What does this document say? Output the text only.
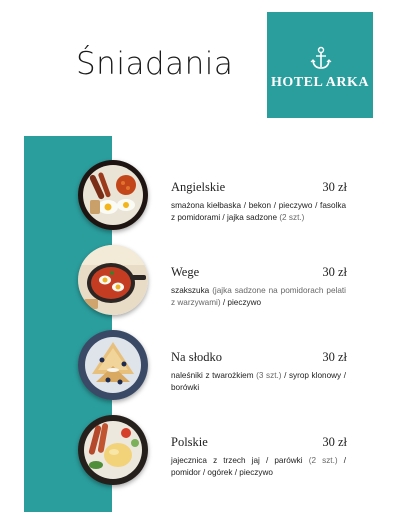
Śniadania
HOTEL ARKA
Angielskie	30 zł
smażona kiełbaska / bekon / pieczywo / fasolka z pomidorami / jajka sadzone (2 szt.)
Wege	30 zł
szakszuka (jajka sadzone na pomidorach pelati z warzywami) / pieczywo
Na słodko	30 zł
naleśniki z twarożkiem (3 szt.) / syrop klonowy / borówki
Polskie	30 zł
jajecznica z trzech jaj / parówki (2 szt.) / pomidor / ogórek / pieczywo
